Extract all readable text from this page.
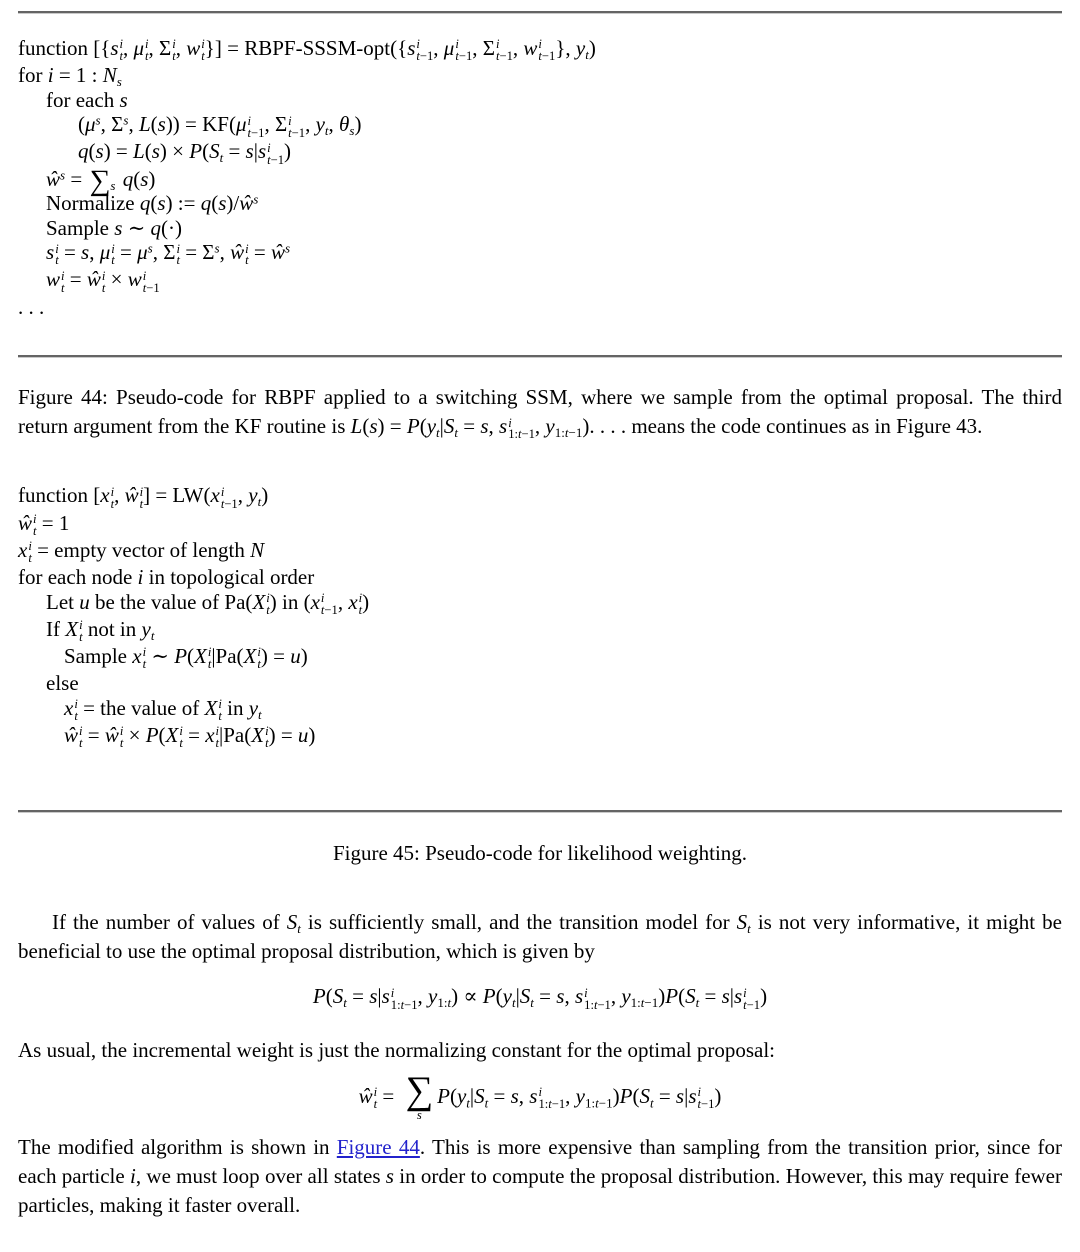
function [{s i
t , μ i
t , Σ i
t , w i
t }] = RBPF-SSSM-opt({s i
t−1 , μ i
t−1 , Σ i
t−1 , w i
t−1 }, $y_t$)
for i = 1 : $N_s$
for each s
($\mu^s$, $\Sigma^s$, L(s)) = KF(μ i
t−1 , Σ i
t−1 , $y_t$, $\theta_s$)
$q(s) = L(s) \times P(S_t = s|s$ i
t−1 )
$ŵ^s = \sum_s$ q(s)
Normalize q(s) := $q(s)/ŵ^s$
Sample s ∼ q(·)
s i
t = s, μ i
$t = \mu^s$, Σ i
$t = \Sigma^s$, ŵ i
$t = ŵ^s$
w i
t = ŵ i
t × w i
t−1
. . .
Figure 44: Pseudo-code for RBPF applied to a switching SSM, where we sample from the optimal proposal. The third return argument from the KF routine is $L(s) = P(y_t|S_t = s$, s i
1:t−1 , $y_{1:t-1}$). . . . means the code continues as in Figure 43.
function [x i
t , ŵ i
t ] = LW(x i
t−1 , $y_t$)
ŵ i
t = 1
x i
t = empty vector of length N
for each node i in topological order
Let u be the value of Pa(X i
t ) in (x i
t−1 , x i
t )
If X i
t not in $y_t$
Sample x i
t ∼ P(X i
t |Pa(X i
t ) = u)
else
x i
t = the value of X i
t in $y_t$
ŵ i
t = ŵ i
t × P(X i
t = x i
t |Pa(X i
t ) = u)
Figure 45: Pseudo-code for likelihood weighting.
If the number of values of $S_t$ is sufficiently small, and the transition model for $S_t$ is not very informative, it might be beneficial to use the optimal proposal distribution, which is given by
$P(S_t = s|s$ i
1:t−1 , $y_{1:t}) \propto P(y_t|S_t = s$, s i
1:t−1 , $y_{1:t-1})P(S_t = s|s$ i
t−1 )
As usual, the incremental weight is just the normalizing constant for the optimal proposal:
ŵ i
t = ∑
s
$P(y_t|S_t = s$, s i
1:t−1 , $y_{1:t-1})P(S_t = s|s$ i
t−1 )
The modified algorithm is shown in Figure 44. This is more expensive than sampling from the transition prior, since for each particle i, we must loop over all states s in order to compute the proposal distribution. However, this may require fewer particles, making it faster overall.
